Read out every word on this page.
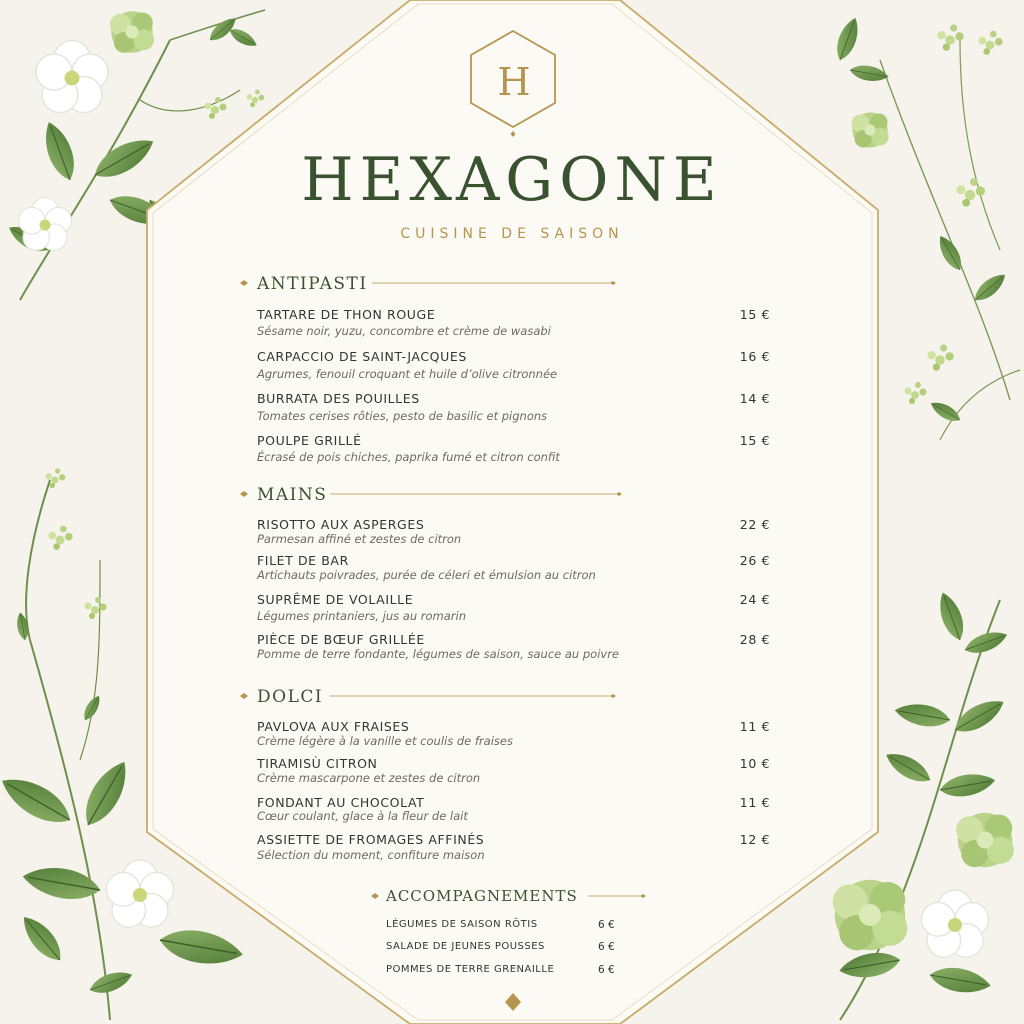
H
HEXAGONE
CUISINE DE SAISON
ANTIPASTI
TARTARE DE THON ROUGE	15 €
Sésame noir, yuzu, concombre et crème de wasabi
CARPACCIO DE SAINT-JACQUES	16 €
Agrumes, fenouil croquant et huile d’olive citronnée
BURRATA DES POUILLES	14 €
Tomates cerises rôties, pesto de basilic et pignons
POULPE GRILLÉ	15 €
Écrasé de pois chiches, paprika fumé et citron confit
MAINS
RISOTTO AUX ASPERGES	22 €
Parmesan affiné et zestes de citron
FILET DE BAR	26 €
Artichauts poivrades, purée de céleri et émulsion au citron
SUPRÊME DE VOLAILLE	24 €
Légumes printaniers, jus au romarin
PIÈCE DE BŒUF GRILLÉE	28 €
Pomme de terre fondante, légumes de saison, sauce au poivre
DOLCI
PAVLOVA AUX FRAISES	11 €
Crème légère à la vanille et coulis de fraises
TIRAMISÙ CITRON	10 €
Crème mascarpone et zestes de citron
FONDANT AU CHOCOLAT	11 €
Cœur coulant, glace à la fleur de lait
ASSIETTE DE FROMAGES AFFINÉS	12 €
Sélection du moment, confiture maison
ACCOMPAGNEMENTS
LÉGUMES DE SAISON RÔTIS	6 €
SALADE DE JEUNES POUSSES	6 €
POMMES DE TERRE GRENAILLE	6 €
